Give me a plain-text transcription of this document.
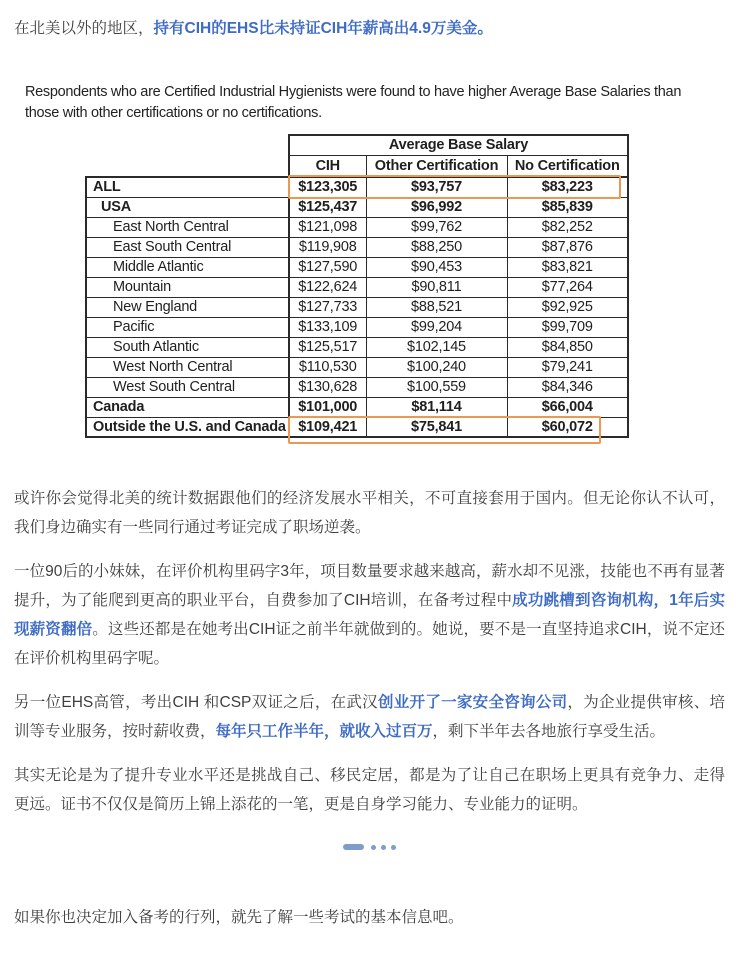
在北美以外的地区，持有CIH的EHS比未持证CIH年薪高出4.9万美金。

Respondents who are Certified Industrial Hygienists were found to have higher Average Base Salaries than those with other certifications or no certifications.

	Average Base Salary		
	CIH	Other Certification	No Certification
ALL	$123,305	$93,757	$83,223
USA	$125,437	$96,992	$85,839
East North Central	$121,098	$99,762	$82,252
East South Central	$119,908	$88,250	$87,876
Middle Atlantic	$127,590	$90,453	$83,821
Mountain	$122,624	$90,811	$77,264
New England	$127,733	$88,521	$92,925
Pacific	$133,109	$99,204	$99,709
South Atlantic	$125,517	$102,145	$84,850
West North Central	$110,530	$100,240	$79,241
West South Central	$130,628	$100,559	$84,346
Canada	$101,000	$81,114	$66,004
Outside the U.S. and Canada	$109,421	$75,841	$60,072

或许你会觉得北美的统计数据跟他们的经济发展水平相关，不可直接套用于国内。但无论你认不认可，我们身边确实有一些同行通过考证完成了职场逆袭。

一位90后的小妹妹，在评价机构里码字3年，项目数量要求越来越高，薪水却不见涨，技能也不再有显著提升，为了能爬到更高的职业平台，自费参加了CIH培训，在备考过程中成功跳槽到咨询机构，1年后实现薪资翻倍。这些还都是在她考出CIH证之前半年就做到的。她说，要不是一直坚持追求CIH，说不定还在评价机构里码字呢。

另一位EHS高管，考出CIH 和CSP双证之后，在武汉创业开了一家安全咨询公司，为企业提供审核、培训等专业服务，按时薪收费，每年只工作半年，就收入过百万，剩下半年去各地旅行享受生活。

其实无论是为了提升专业水平还是挑战自己、移民定居，都是为了让自己在职场上更具有竞争力、走得更远。证书不仅仅是简历上锦上添花的一笔，更是自身学习能力、专业能力的证明。

如果你也决定加入备考的行列，就先了解一些考试的基本信息吧。
